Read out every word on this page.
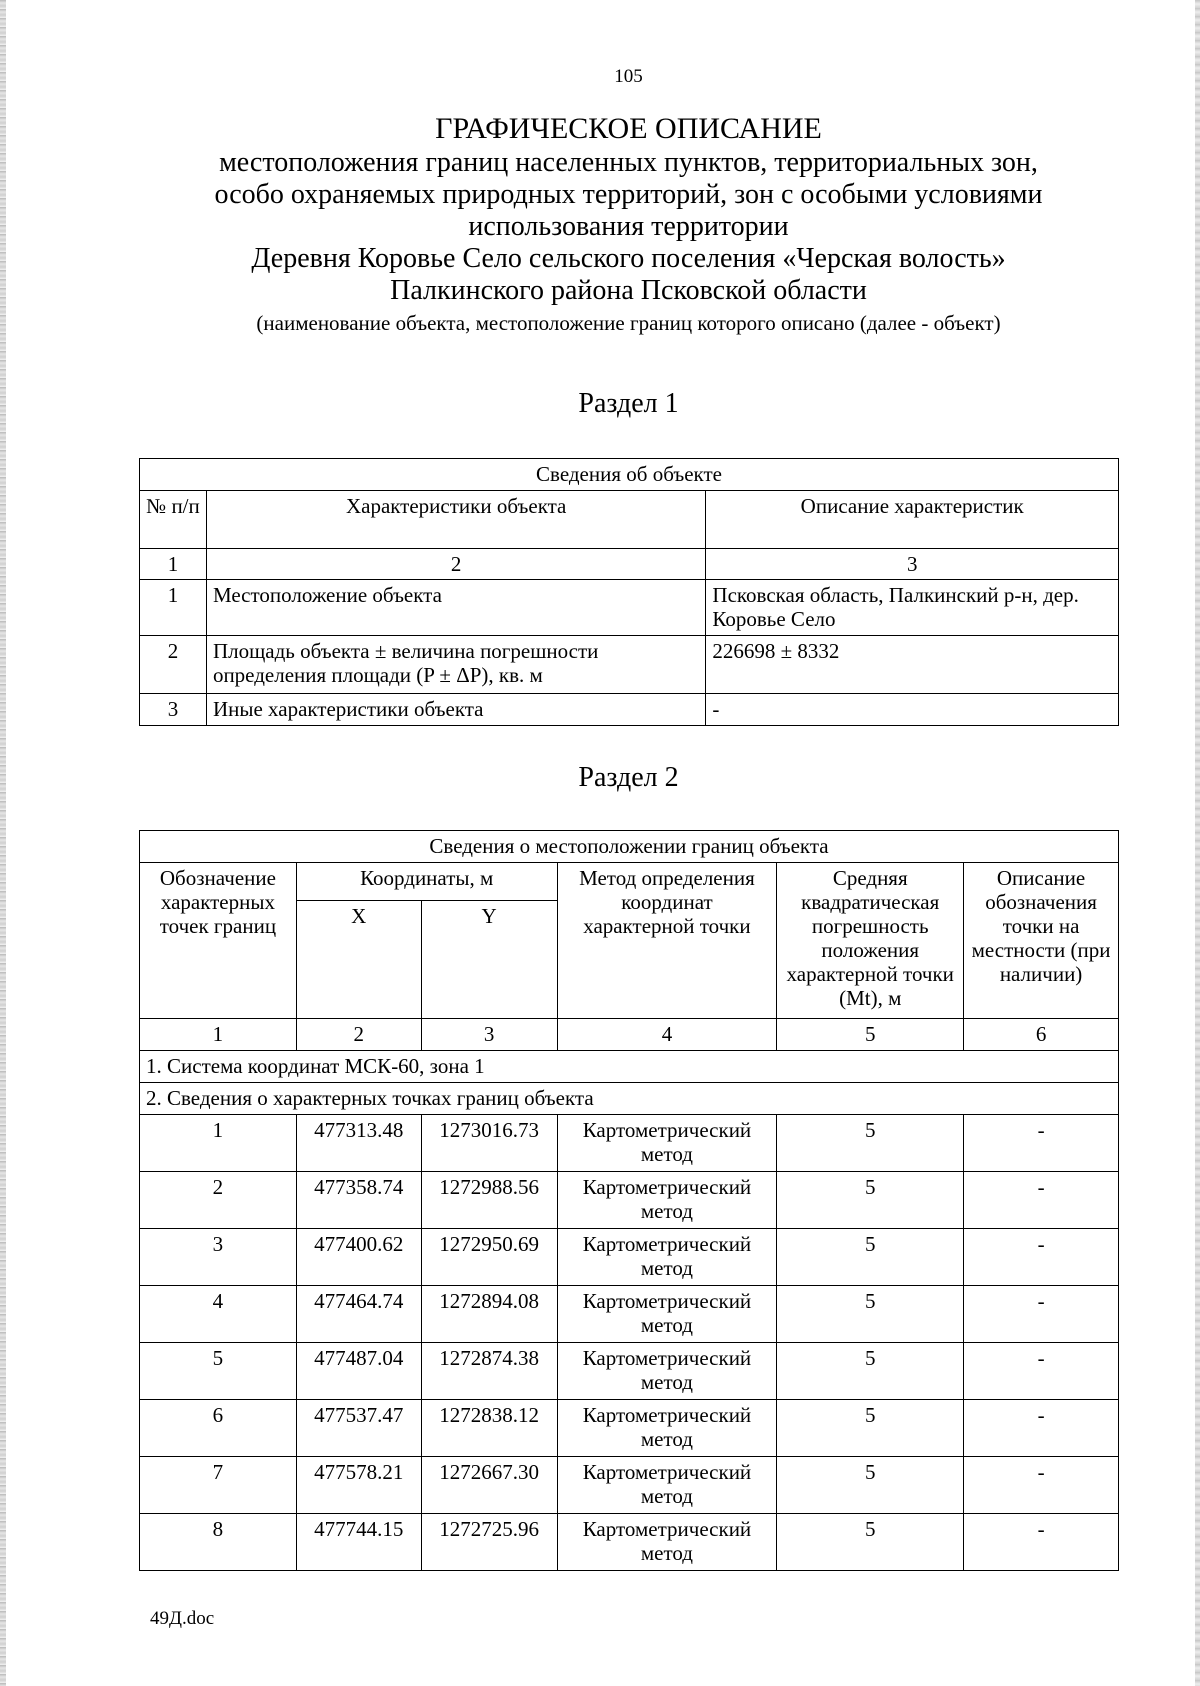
105
ГРАФИЧЕСКОЕ ОПИСАНИЕ
местоположения границ населенных пунктов, территориальных зон,
особо охраняемых природных территорий, зон с особыми условиями
использования территории
Деревня Коровье Село сельского поселения «Черская волость»
Палкинского района Псковской области
(наименование объекта, местоположение границ которого описано (далее - объект)
Раздел 1
Сведения об объекте		
№ п/п	Характеристики объекта	Описание характеристик
1	2	3
1	Местоположение объекта	Псковская область, Палкинский р-н, дер. Коровье Село
2	Площадь объекта ± величина погрешности определения площади (P ± ΔP), кв. м	226698 ± 8332
3	Иные характеристики объекта	-
Раздел 2
Сведения о местоположении границ объекта					
Обозначение характерных точек границ	Координаты, м		Метод определения координат характерной точки	Средняя квадратическая погрешность положения характерной точки (Mt), м	Описание обозначения точки на местности (при наличии)
	X	Y			
1	2	3	4	5	6
1. Система координат МСК-60, зона 1					
2. Сведения о характерных точках границ объекта					
1	477313.48	1273016.73	Картометрический метод	5	-
2	477358.74	1272988.56	Картометрический метод	5	-
3	477400.62	1272950.69	Картометрический метод	5	-
4	477464.74	1272894.08	Картометрический метод	5	-
5	477487.04	1272874.38	Картометрический метод	5	-
6	477537.47	1272838.12	Картометрический метод	5	-
7	477578.21	1272667.30	Картометрический метод	5	-
8	477744.15	1272725.96	Картометрический метод	5	-
49Д.doc
